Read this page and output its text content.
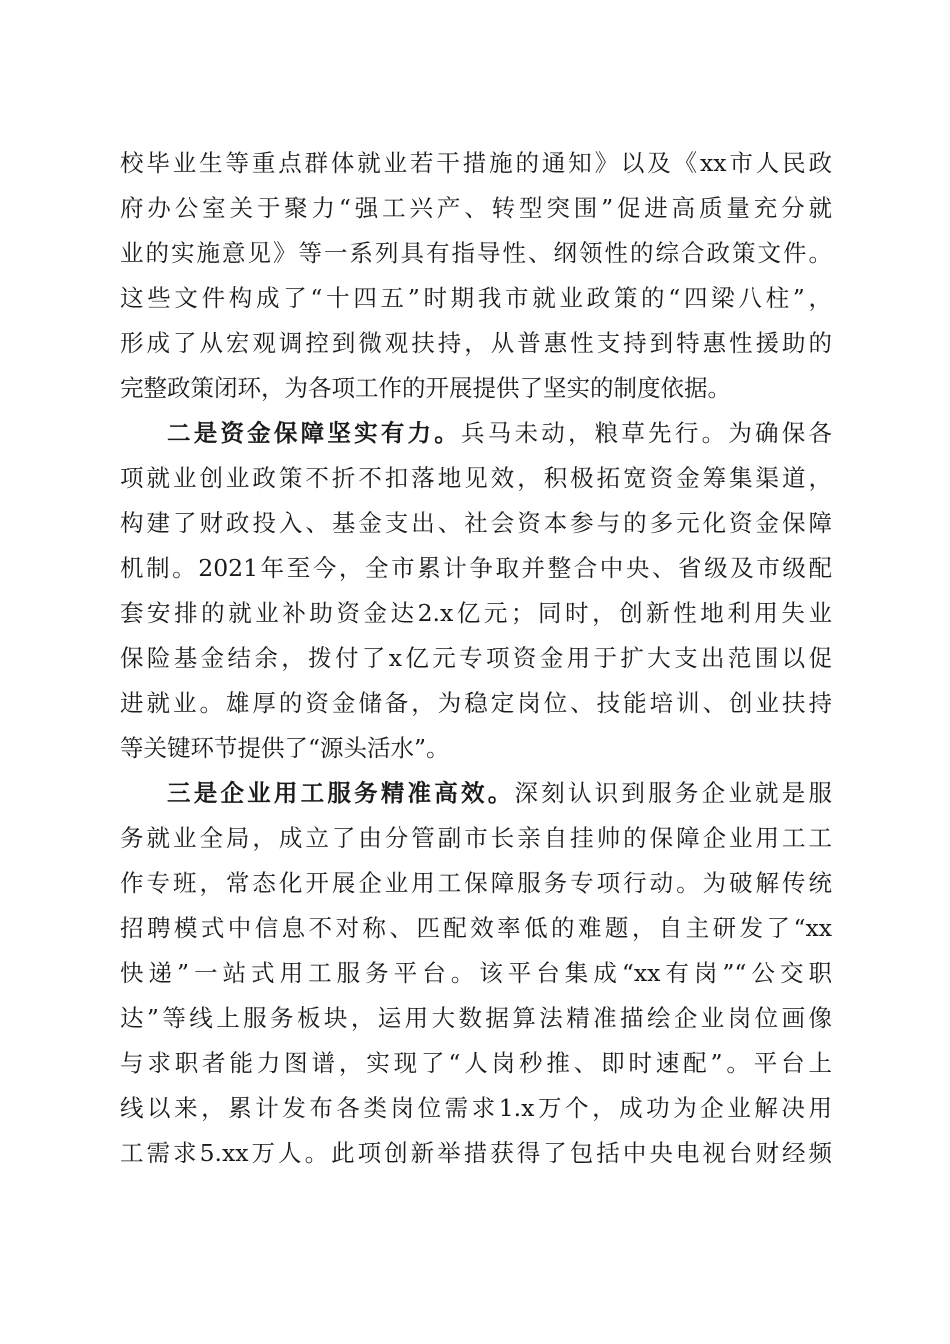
校毕业生等重点群体就业若干措施的通知》以及《xx市人民政
府办公室关于聚力“强工兴产、转型突围”促进高质量充分就
业的实施意见》等一系列具有指导性、纲领性的综合政策文件。
这些文件构成了“十四五”时期我市就业政策的“四梁八柱”，
形成了从宏观调控到微观扶持，从普惠性支持到特惠性援助的
完整政策闭环，为各项工作的开展提供了坚实的制度依据。
二是资金保障坚实有力。兵马未动，粮草先行。为确保各
项就业创业政策不折不扣落地见效，积极拓宽资金筹集渠道，
构建了财政投入、基金支出、社会资本参与的多元化资金保障
机制。2021年至今，全市累计争取并整合中央、省级及市级配
套安排的就业补助资金达2.x亿元；同时，创新性地利用失业
保险基金结余，拨付了x亿元专项资金用于扩大支出范围以促
进就业。雄厚的资金储备，为稳定岗位、技能培训、创业扶持
等关键环节提供了“源头活水”。
三是企业用工服务精准高效。深刻认识到服务企业就是服
务就业全局，成立了由分管副市长亲自挂帅的保障企业用工工
作专班，常态化开展企业用工保障服务专项行动。为破解传统
招聘模式中信息不对称、匹配效率低的难题，自主研发了“xx
快递”一站式用工服务平台。该平台集成“xx有岗”“公交职
达”等线上服务板块，运用大数据算法精准描绘企业岗位画像
与求职者能力图谱，实现了“人岗秒推、即时速配”。平台上
线以来，累计发布各类岗位需求1.x万个，成功为企业解决用
工需求5.xx万人。此项创新举措获得了包括中央电视台财经频
